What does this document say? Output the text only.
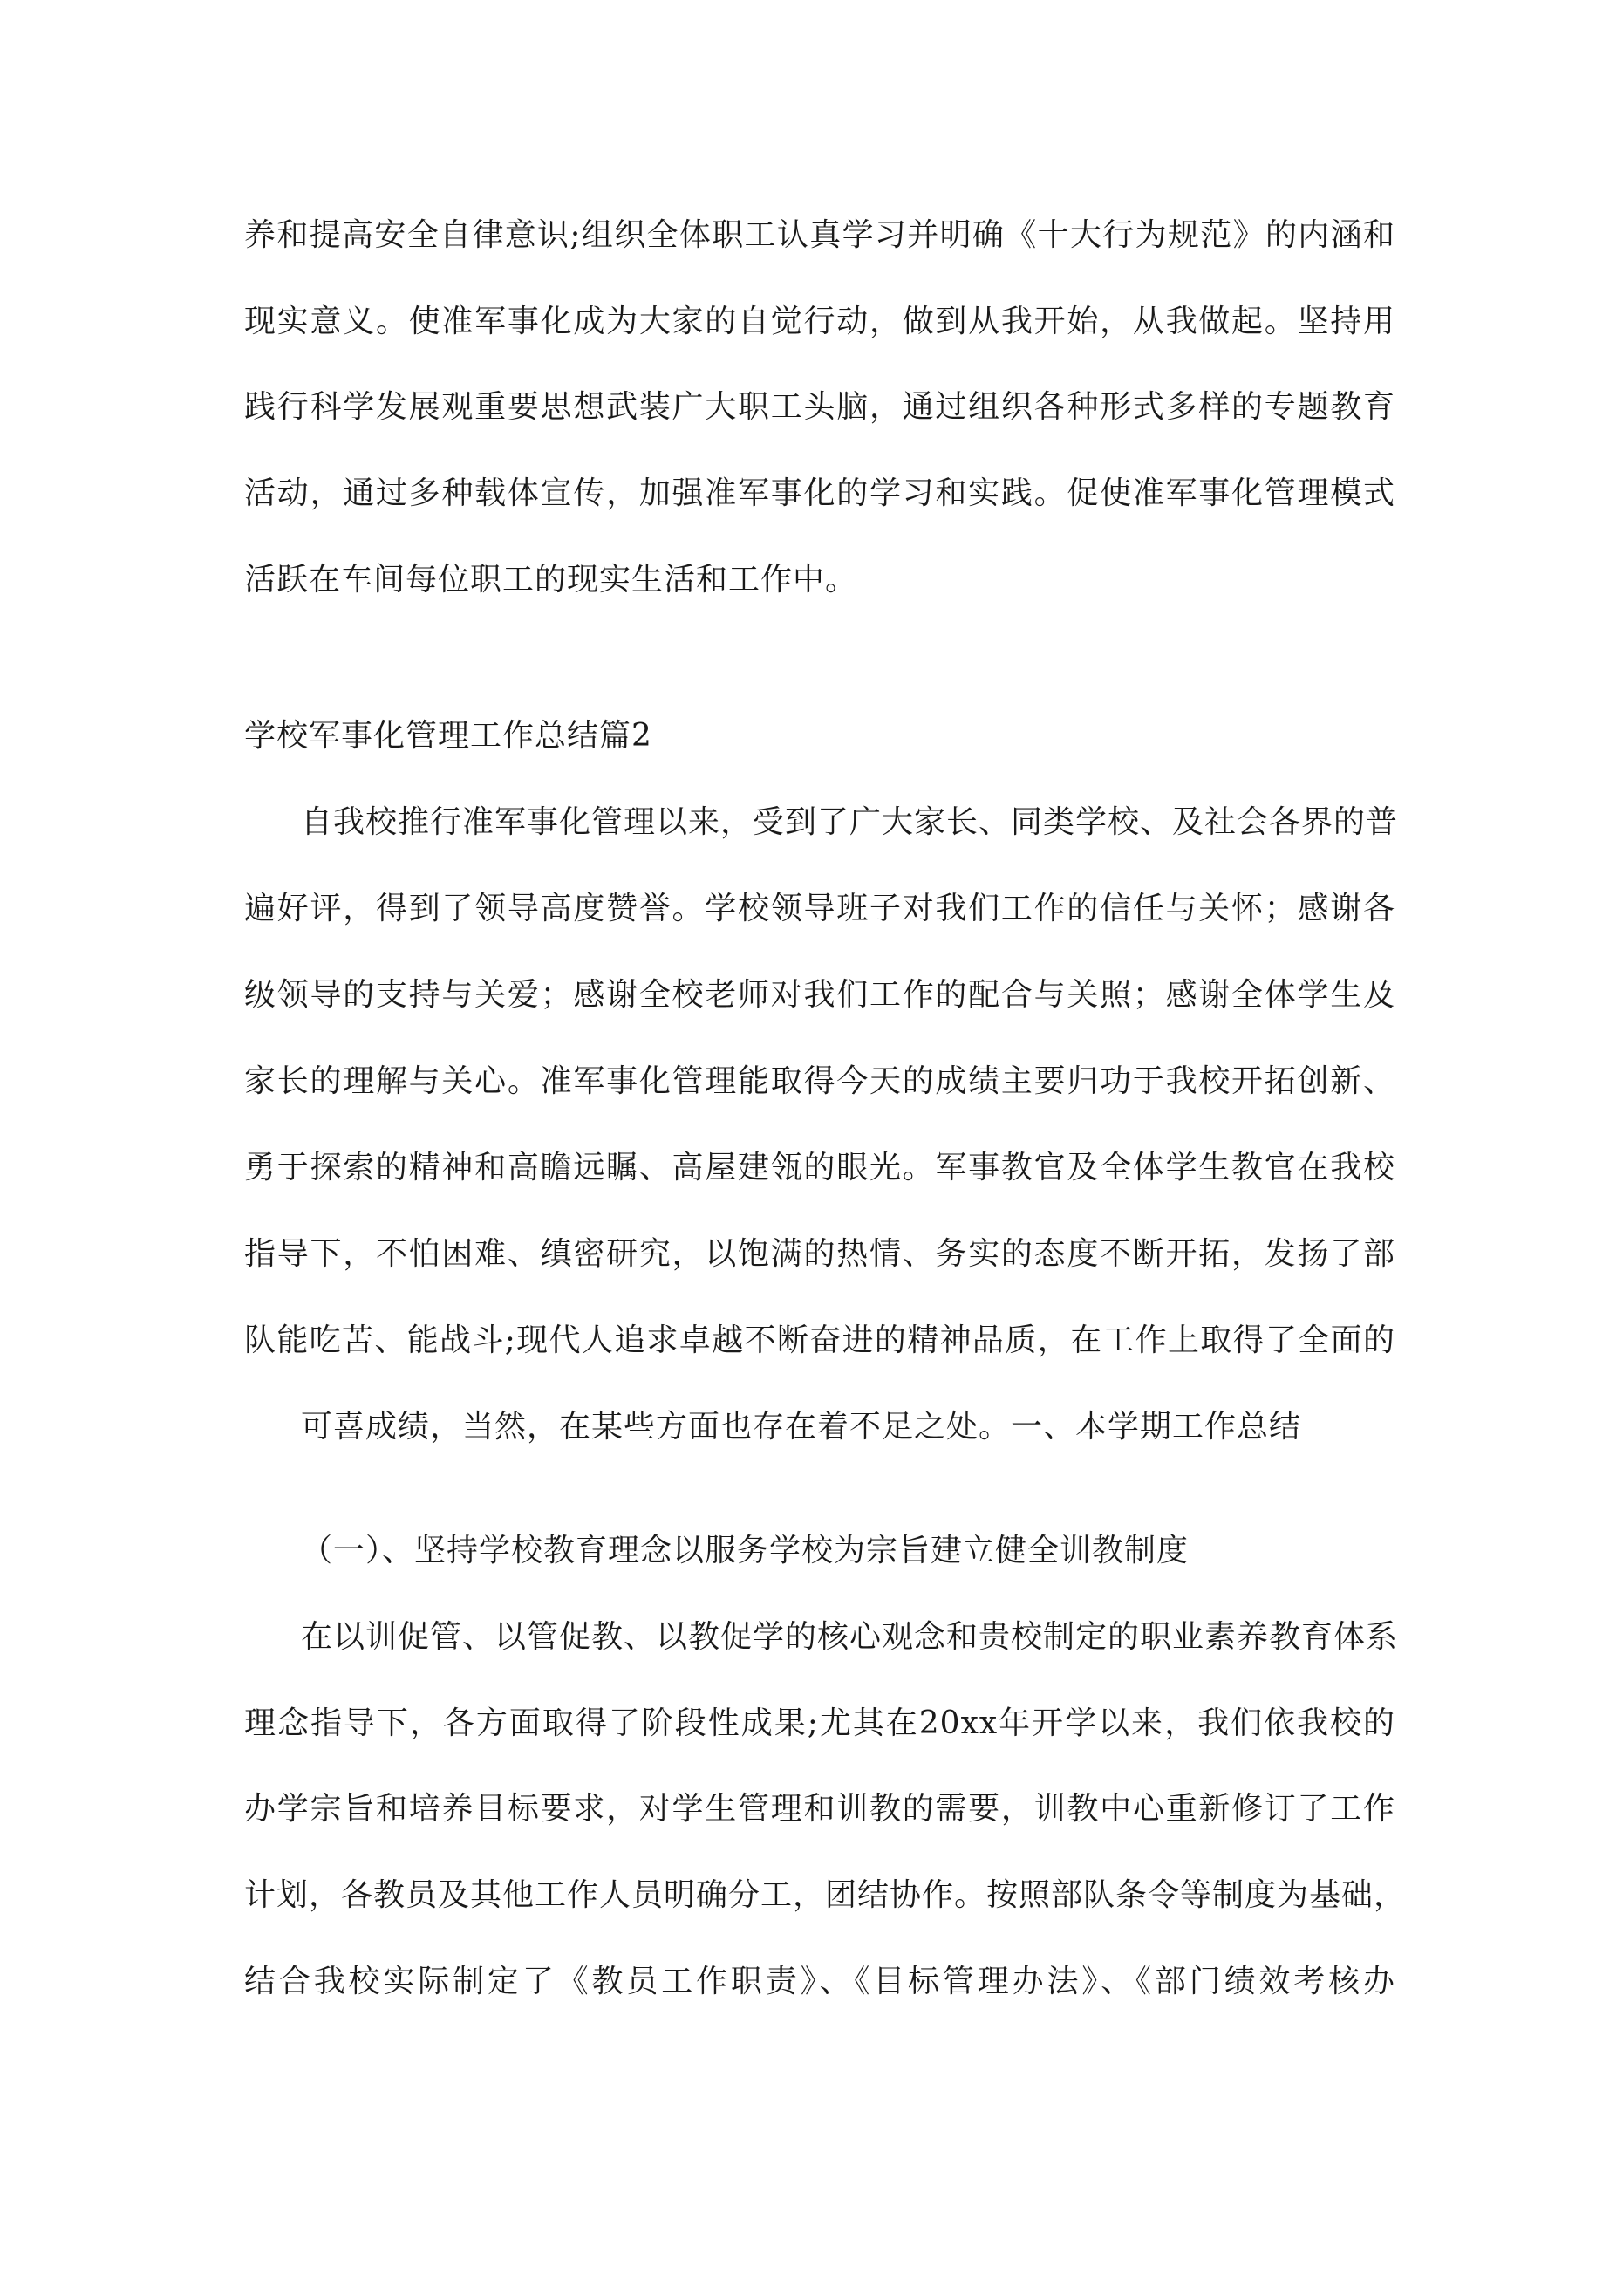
养和提高安全自律意识;组织全体职工认真学习并明确《十大行为规范》的内涵和
现实意义。使准军事化成为大家的自觉行动，做到从我开始，从我做起。坚持用
践行科学发展观重要思想武装广大职工头脑，通过组织各种形式多样的专题教育
活动，通过多种载体宣传，加强准军事化的学习和实践。促使准军事化管理模式
活跃在车间每位职工的现实生活和工作中。
学校军事化管理工作总结篇2
自我校推行准军事化管理以来，受到了广大家长、同类学校、及社会各界的普
遍好评，得到了领导高度赞誉。学校领导班子对我们工作的信任与关怀；感谢各
级领导的支持与关爱；感谢全校老师对我们工作的配合与关照；感谢全体学生及
家长的理解与关心。准军事化管理能取得今天的成绩主要归功于我校开拓创新、
勇于探索的精神和高瞻远瞩、高屋建瓴的眼光。军事教官及全体学生教官在我校
指导下，不怕困难、缜密研究，以饱满的热情、务实的态度不断开拓，发扬了部
队能吃苦、能战斗;现代人追求卓越不断奋进的精神品质，在工作上取得了全面的
可喜成绩，当然，在某些方面也存在着不足之处。一、本学期工作总结
（一）、坚持学校教育理念以服务学校为宗旨建立健全训教制度
在以训促管、以管促教、以教促学的核心观念和贵校制定的职业素养教育体系
理念指导下，各方面取得了阶段性成果;尤其在20xx年开学以来，我们依我校的
办学宗旨和培养目标要求，对学生管理和训教的需要，训教中心重新修订了工作
计划，各教员及其他工作人员明确分工，团结协作。按照部队条令等制度为基础，
结合我校实际制定了《教员工作职责》、《目标管理办法》、《部门绩效考核办
